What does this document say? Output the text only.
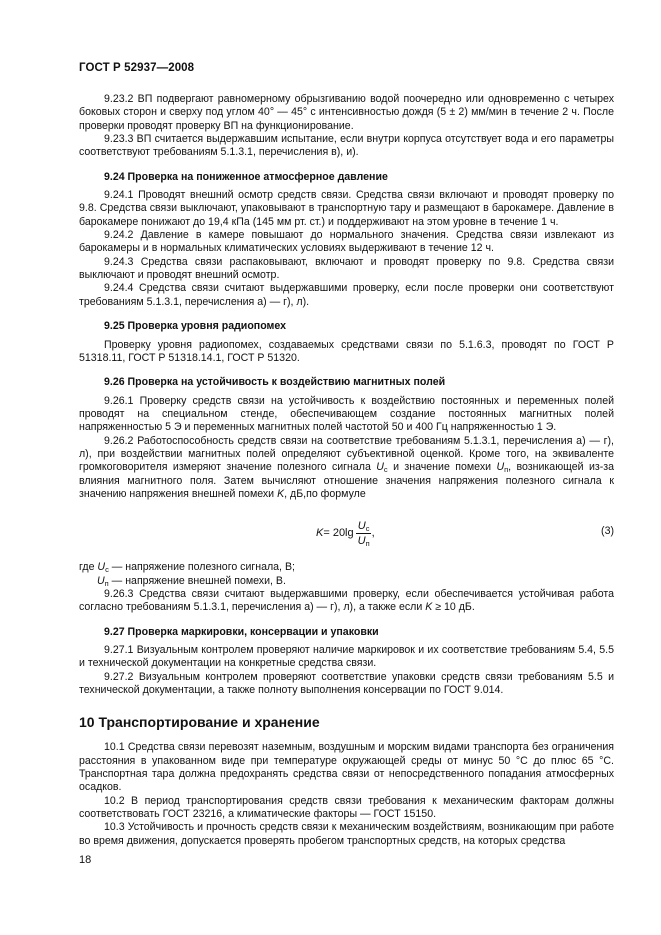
ГОСТ Р 52937—2008

9.23.2 ВП подвергают равномерному обрызгиванию водой поочередно или одновременно с четырех боковых сторон и сверху под углом 40° — 45° с интенсивностью дождя (5 ± 2) мм/мин в течение 2 ч. После проверки проводят проверку ВП на функционирование.

9.23.3 ВП считается выдержавшим испытание, если внутри корпуса отсутствует вода и его параметры соответствуют требованиям 5.1.3.1, перечисления в), и).

9.24 Проверка на пониженное атмосферное давление

9.24.1 Проводят внешний осмотр средств связи. Средства связи включают и проводят проверку по 9.8. Средства связи выключают, упаковывают в транспортную тару и размещают в барокамере. Давление в барокамере понижают до 19,4 кПа (145 мм рт. ст.) и поддерживают на этом уровне в течение 1 ч.

9.24.2 Давление в камере повышают до нормального значения. Средства связи извлекают из барокамеры и в нормальных климатических условиях выдерживают в течение 12 ч.

9.24.3 Средства связи распаковывают, включают и проводят проверку по 9.8. Средства связи выключают и проводят внешний осмотр.

9.24.4 Средства связи считают выдержавшими проверку, если после проверки они соответствуют требованиям 5.1.3.1, перечисления а) — г), л).

9.25 Проверка уровня радиопомех

Проверку уровня радиопомех, создаваемых средствами связи по 5.1.6.3, проводят по ГОСТ Р 51318.11, ГОСТ Р 51318.14.1, ГОСТ Р 51320.

9.26 Проверка на устойчивость к воздействию магнитных полей

9.26.1 Проверку средств связи на устойчивость к воздействию постоянных и переменных полей проводят на специальном стенде, обеспечивающем создание постоянных магнитных полей напряженностью 5 Э и переменных магнитных полей частотой 50 и 400 Гц напряженностью 1 Э.

9.26.2 Работоспособность средств связи на соответствие требованиям 5.1.3.1, перечисления а) — г), л), при воздействии магнитных полей определяют субъективной оценкой. Кроме того, на эквиваленте громкоговорителя измеряют значение полезного сигнала $U_с$ и значение помехи $U_п$, возникающей из-за влияния магнитного поля. Затем вычисляют отношение значения напряжения полезного сигнала к значению напряжения внешней помехи K, дБ,по формуле

$K = 20\lg \frac{U_с}{U_п}$ ,	(3)
где $U_с$ — напряжение полезного сигнала, В;
$U_п$ — напряжение внешней помехи, В.

9.26.3 Средства связи считают выдержавшими проверку, если обеспечивается устойчивая работа согласно требованиям 5.1.3.1, перечисления а) — г), л), а также если K ≥ 10 дБ.

9.27 Проверка маркировки, консервации и упаковки

9.27.1 Визуальным контролем проверяют наличие маркировок и их соответствие требованиям 5.4, 5.5 и технической документации на конкретные средства связи.

9.27.2 Визуальным контролем проверяют соответствие упаковки средств связи требованиям 5.5 и технической документации, а также полноту выполнения консервации по ГОСТ 9.014.

10 Транспортирование и хранение

10.1 Средства связи перевозят наземным, воздушным и морским видами транспорта без ограничения расстояния в упакованном виде при температуре окружающей среды от минус 50 °С до плюс 65 °С. Транспортная тара должна предохранять средства связи от непосредственного попадания атмосферных осадков.

10.2 В период транспортирования средств связи требования к механическим факторам должны соответствовать ГОСТ 23216, а климатические факторы — ГОСТ 15150.

10.3 Устойчивость и прочность средств связи к механическим воздействиям, возникающим при работе во время движения, допускается проверять пробегом транспортных средств, на которых средства

18
